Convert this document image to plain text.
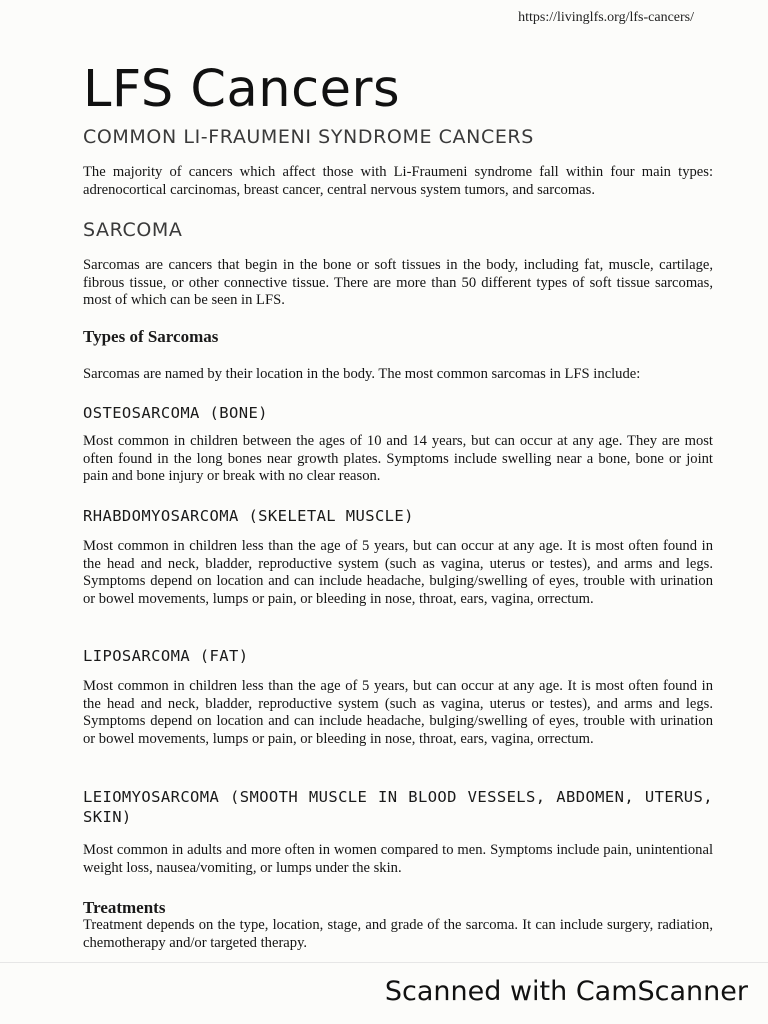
https://livinglfs.org/lfs-cancers/
LFS Cancers
COMMON LI-FRAUMENI SYNDROME CANCERS

The majority of cancers which affect those with Li-Fraumeni syndrome fall within four main types: adrenocortical carcinomas, breast cancer, central nervous system tumors, and sarcomas.

SARCOMA

Sarcomas are cancers that begin in the bone or soft tissues in the body, including fat, muscle, cartilage, fibrous tissue, or other connective tissue. There are more than 50 different types of soft tissue sarcomas, most of which can be seen in LFS.

Types of Sarcomas

Sarcomas are named by their location in the body. The most common sarcomas in LFS include:

OSTEOSARCOMA (BONE)

Most common in children between the ages of 10 and 14 years, but can occur at any age. They are most often found in the long bones near growth plates. Symptoms include swelling near a bone, bone or joint pain and bone injury or break with no clear reason.

RHABDOMYOSARCOMA (SKELETAL MUSCLE)

Most common in children less than the age of 5 years, but can occur at any age. It is most often found in the head and neck, bladder, reproductive system (such as vagina, uterus or testes), and arms and legs. Symptoms depend on location and can include headache, bulging/swelling of eyes, trouble with urination or bowel movements, lumps or pain, or bleeding in nose, throat, ears, vagina, orrectum.

LIPOSARCOMA (FAT)

Most common in children less than the age of 5 years, but can occur at any age. It is most often found in the head and neck, bladder, reproductive system (such as vagina, uterus or testes), and arms and legs. Symptoms depend on location and can include headache, bulging/swelling of eyes, trouble with urination or bowel movements, lumps or pain, or bleeding in nose, throat, ears, vagina, orrectum.

LEIOMYOSARCOMA (SMOOTH MUSCLE IN BLOOD VESSELS, ABDOMEN, UTERUS, SKIN)

Most common in adults and more often in women compared to men. Symptoms include pain, unintentional weight loss, nausea/vomiting, or lumps under the skin.

Treatments

Treatment depends on the type, location, stage, and grade of the sarcoma. It can include surgery, radiation, chemotherapy and/or targeted therapy.

Scanned with CamScanner
